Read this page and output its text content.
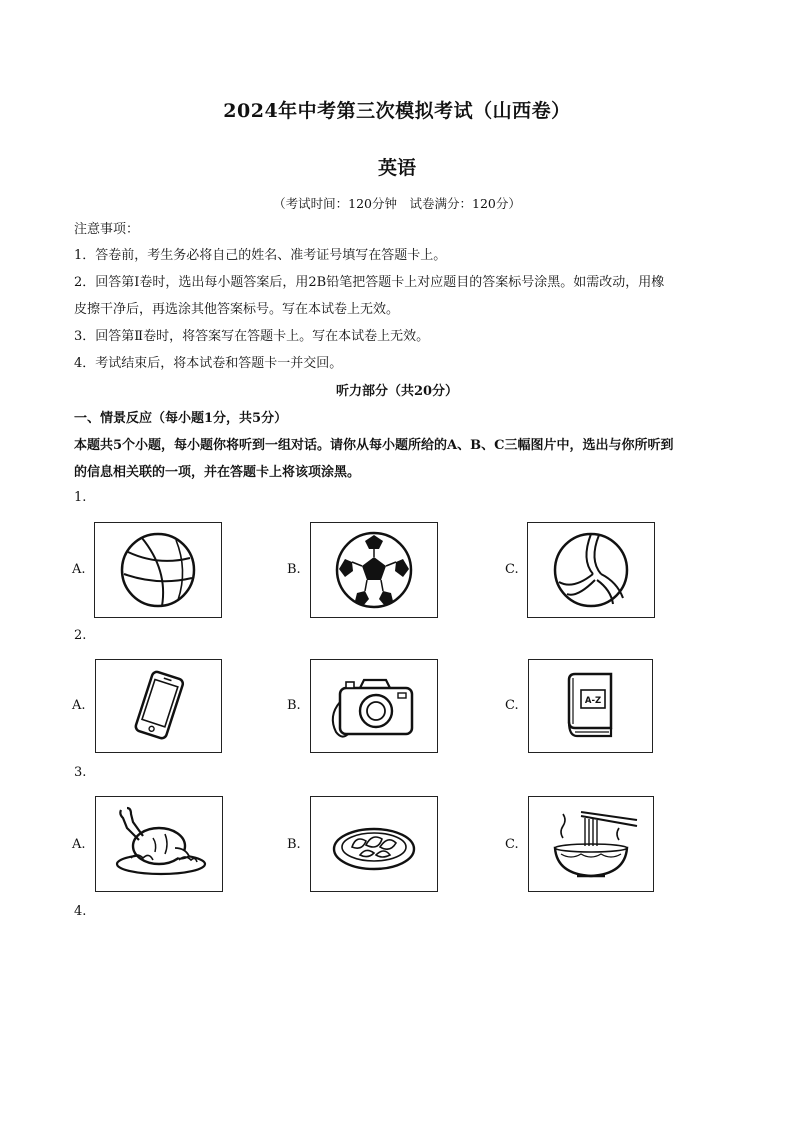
2024年中考第三次模拟考试（山西卷）
英语
（考试时间：120分钟　试卷满分：120分）
注意事项：
1．答卷前，考生务必将自己的姓名、准考证号填写在答题卡上。
2．回答第Ⅰ卷时，选出每小题答案后，用2B铅笔把答题卡上对应题目的答案标号涂黑。如需改动，用橡
皮擦干净后，再选涂其他答案标号。写在本试卷上无效。
3．回答第Ⅱ卷时，将答案写在答题卡上。写在本试卷上无效。
4．考试结束后，将本试卷和答题卡一并交回。
听力部分（共20分）
一、情景反应（每小题1分，共5分）
本题共5个小题，每小题你将听到一组对话。请你从每小题所给的A、B、C三幅图片中，选出与你所听到
的信息相关联的一项，并在答题卡上将该项涂黑。
1.
A.	B.	C.
2.
A.	B.	C.	A-Z
3.
A.	B.	C.
4.
